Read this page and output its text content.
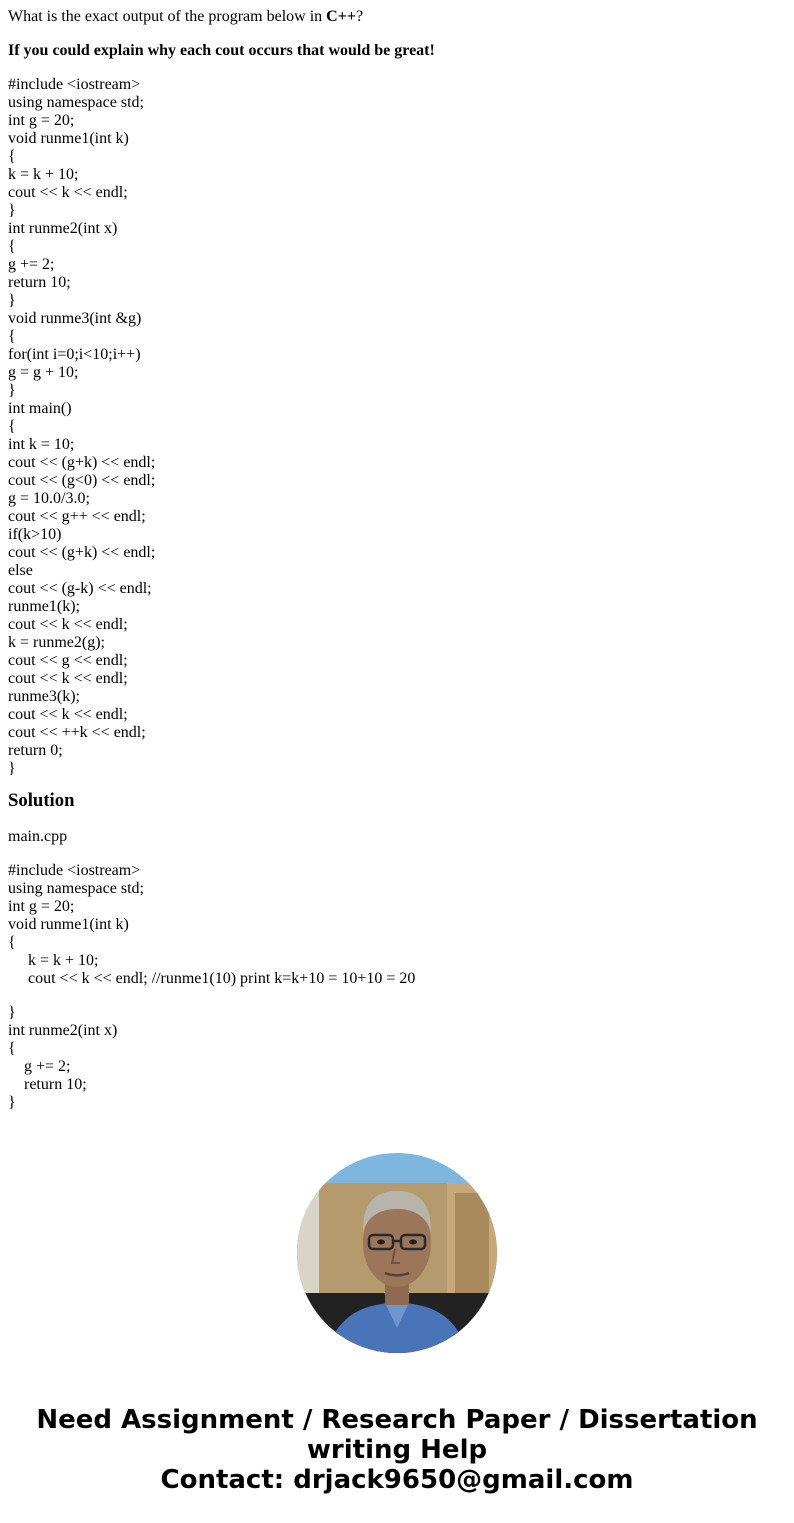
What is the exact output of the program below in C++?
If you could explain why each cout occurs that would be great!
#include <iostream>
using namespace std;
int g = 20;
void runme1(int k)
{
k = k + 10;
cout << k << endl;
}
int runme2(int x)
{
g += 2;
return 10;
}
void runme3(int &g)
{
for(int i=0;i<10;i++)
g = g + 10;
}
int main()
{
int k = 10;
cout << (g+k) << endl;
cout << (g<0) << endl;
g = 10.0/3.0;
cout << g++ << endl;
if(k>10)
cout << (g+k) << endl;
else
cout << (g-k) << endl;
runme1(k);
cout << k << endl;
k = runme2(g);
cout << g << endl;
cout << k << endl;
runme3(k);
cout << k << endl;
cout << ++k << endl;
return 0;
}
Solution
main.cpp
#include <iostream>
using namespace std;
int g = 20;
void runme1(int k)
{
k = k + 10;
cout << k << endl; //runme1(10) print k=k+10 = 10+10 = 20
}
int runme2(int x)
{
g += 2;
return 10;
}
Need Assignment / Research Paper / Dissertation
writing Help
Contact: drjack9650@gmail.com
